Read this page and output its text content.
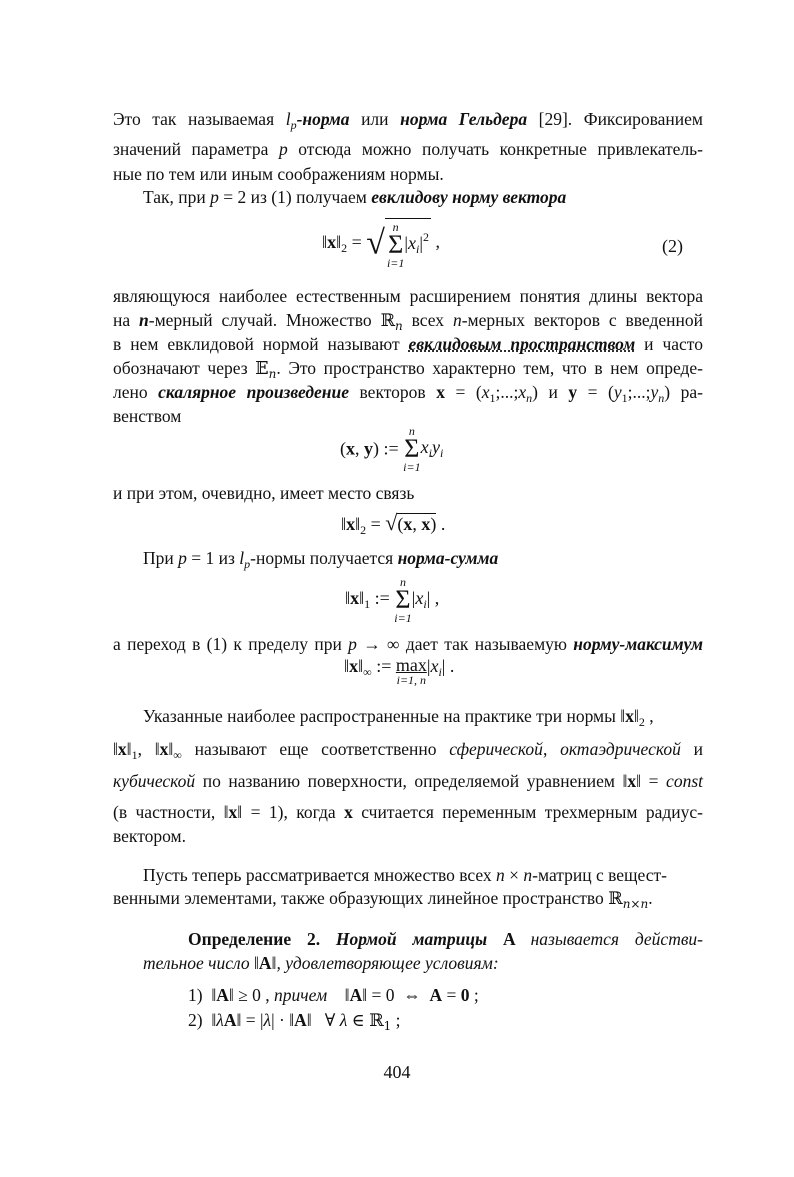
Это так называемая $l_p$-норма или норма Гельдера [29]. Фиксированием
значений параметра p отсюда можно получать конкретные привлекатель-
ные по тем или иным соображениям нормы.
Так, при p = 2 из (1) получаем евклидову норму вектора
$‖x‖_2$ = √ n
Σ
i=1
$|x_i|^2$ ,	(2)
являющуюся наиболее естественным расширением понятия длины вектора
на n-мерный случай. Множество ℝ$_n$ всех n-мерных векторов с введенной
в нем евклидовой нормой называют евклидовым пространством и часто
обозначают через 𝔼$_n$. Это пространство характерно тем, что в нем опреде-
лено скалярное произведение векторов $x = (x_1;...;x_n)$ и $y = (y_1;...;y_n)$ ра-
венством
(x, y) :=
n
Σ
i=1
$x_iy_i$
и при этом, очевидно, имеет место связь
$‖x‖_2 = √(x$, x) .
При p = 1 из $l_p$-нормы получается норма-сумма
$‖x‖_1$ :=
n
Σ
i=1
$|x_i|$ ,
а переход в (1) к пределу при p → ∞ дает так называемую норму-максимум
$‖x‖_\infty$ := max
i=1, n
$|x_i|$ .
Указанные наиболее распространенные на практике три нормы $‖x‖_2$ ,
$‖x‖_1$, $‖x‖_\infty$ называют еще соответственно сферической, октаэдрической и
кубической по названию поверхности, определяемой уравнением ‖x‖ = const
(в частности, ‖x‖ = 1), когда x считается переменным трехмерным радиус-
вектором.
Пусть теперь рассматривается множество всех n × n-матриц с вещест-
венными элементами, также образующих линейное пространство ℝ$_{n\times n}$.
Определение 2. Нормой матрицы A называется действи-
тельное число ‖A‖, удовлетворяющее условиям:
1)  ‖A‖ ≥ 0 , причем    ‖A‖ = 0  ⇔  A = 0 ;
2)  ‖λA‖ = |λ| · ‖A‖   ∀ λ ∈ ℝ$_1$ ;
404
